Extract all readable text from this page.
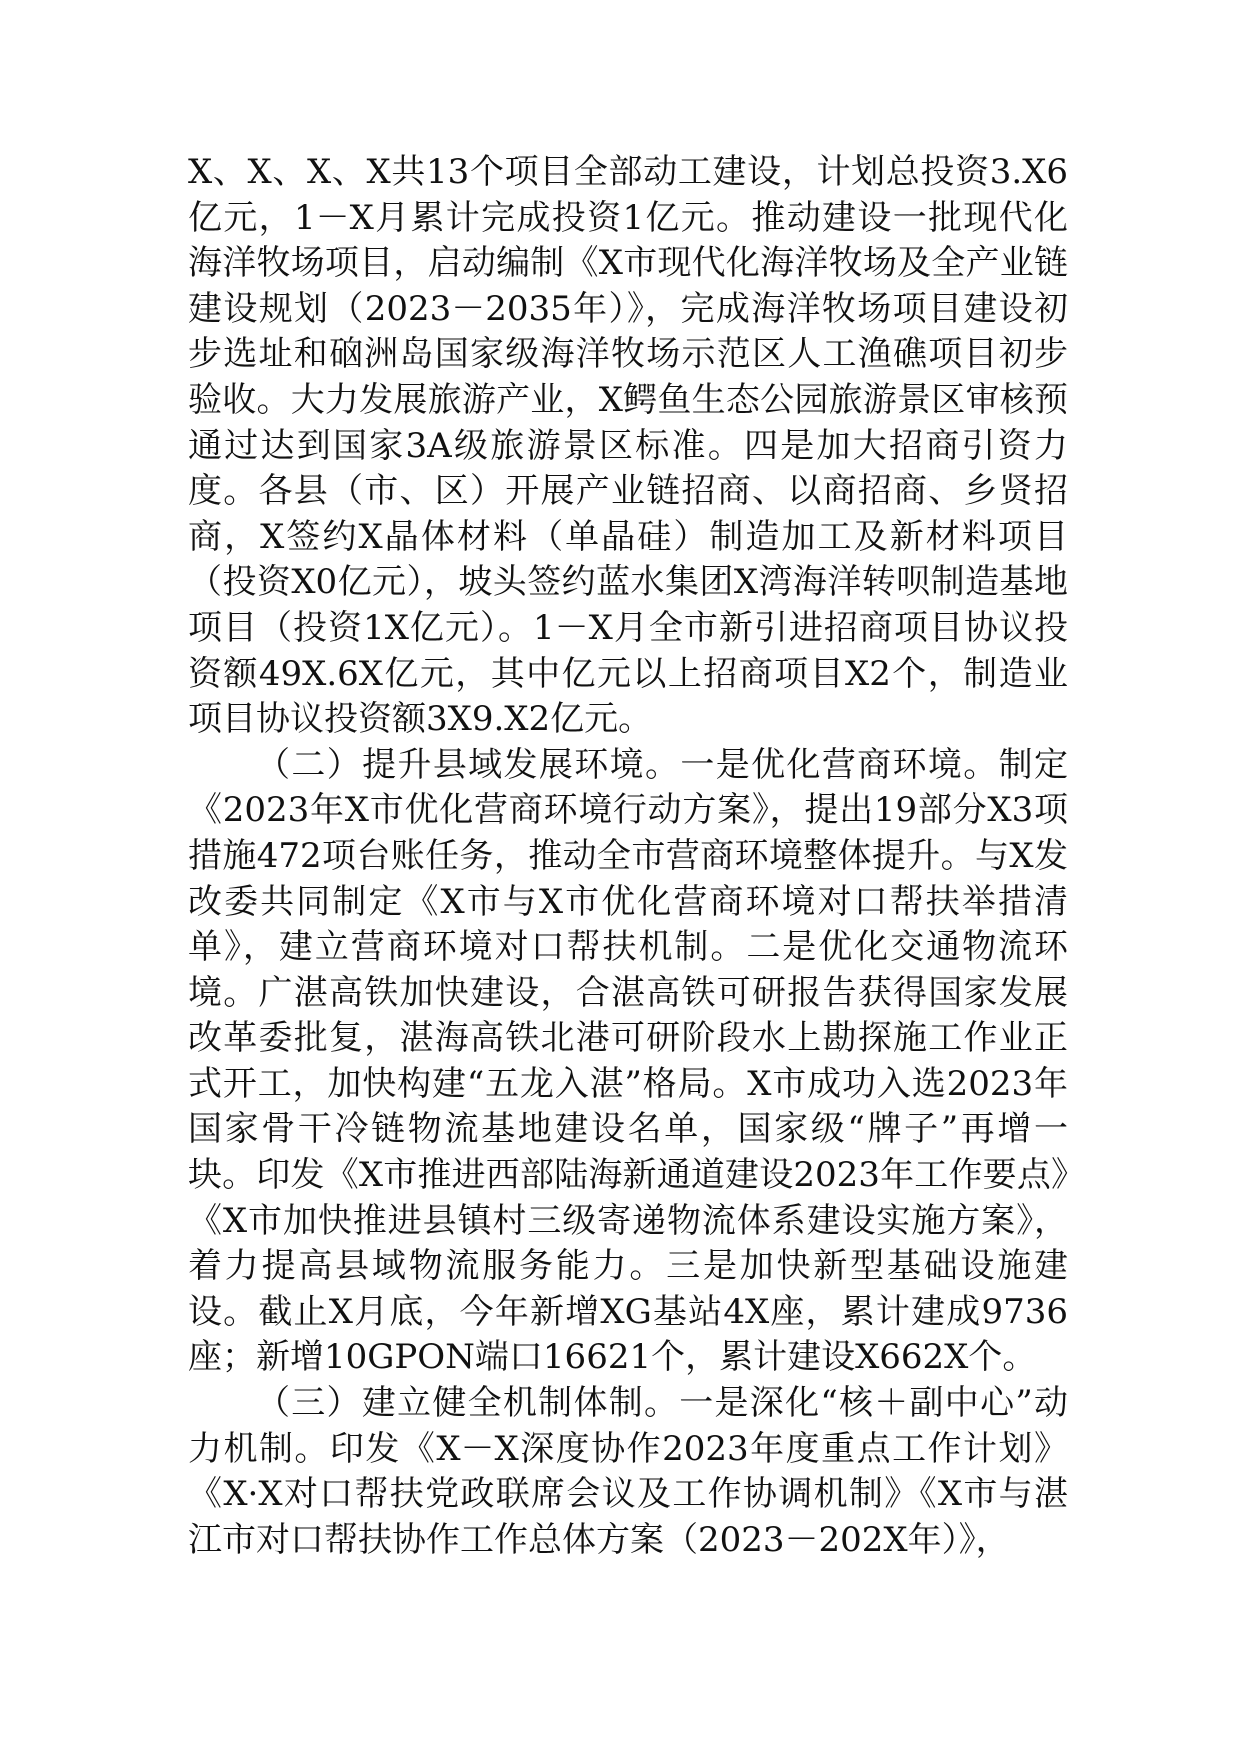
X、X、X、X共13个项目全部动工建设，计划总投资3.X6亿元，1－X月累计完成投资1亿元。推动建设一批现代化海洋牧场项目，启动编制《X市现代化海洋牧场及全产业链建设规划（2023－2035年）》，完成海洋牧场项目建设初步选址和硇洲岛国家级海洋牧场示范区人工渔礁项目初步验收。大力发展旅游产业，X鳄鱼生态公园旅游景区审核预通过达到国家3A级旅游景区标准。四是加大招商引资力度。各县（市、区）开展产业链招商、以商招商、乡贤招商，X签约X晶体材料（单晶硅）制造加工及新材料项目（投资X0亿元），坡头签约蓝水集团X湾海洋转呗制造基地项目（投资1X亿元）。1－X月全市新引进招商项目协议投资额49X.6X亿元，其中亿元以上招商项目X2个，制造业项目协议投资额3X9.X2亿元。

（二）提升县域发展环境。一是优化营商环境。制定《2023年X市优化营商环境行动方案》，提出19部分X3项措施472项台账任务，推动全市营商环境整体提升。与X发改委共同制定《X市与X市优化营商环境对口帮扶举措清单》，建立营商环境对口帮扶机制。二是优化交通物流环境。广湛高铁加快建设，合湛高铁可研报告获得国家发展改革委批复，湛海高铁北港可研阶段水上勘探施工作业正式开工，加快构建“五龙入湛”格局。X市成功入选2023年国家骨干冷链物流基地建设名单，国家级“牌子”再增一块。印发《X市推进西部陆海新通道建设2023年工作要点》《X市加快推进县镇村三级寄递物流体系建设实施方案》，着力提高县域物流服务能力。三是加快新型基础设施建设。截止X月底，今年新增XG基站4X座，累计建成9736座；新增10GPON端口16621个，累计建设X662X个。

（三）建立健全机制体制。一是深化“核＋副中心”动力机制。印发《X－X深度协作2023年度重点工作计划》《X·X对口帮扶党政联席会议及工作协调机制》《X市与湛江市对口帮扶协作工作总体方案（2023－202X年）》，
